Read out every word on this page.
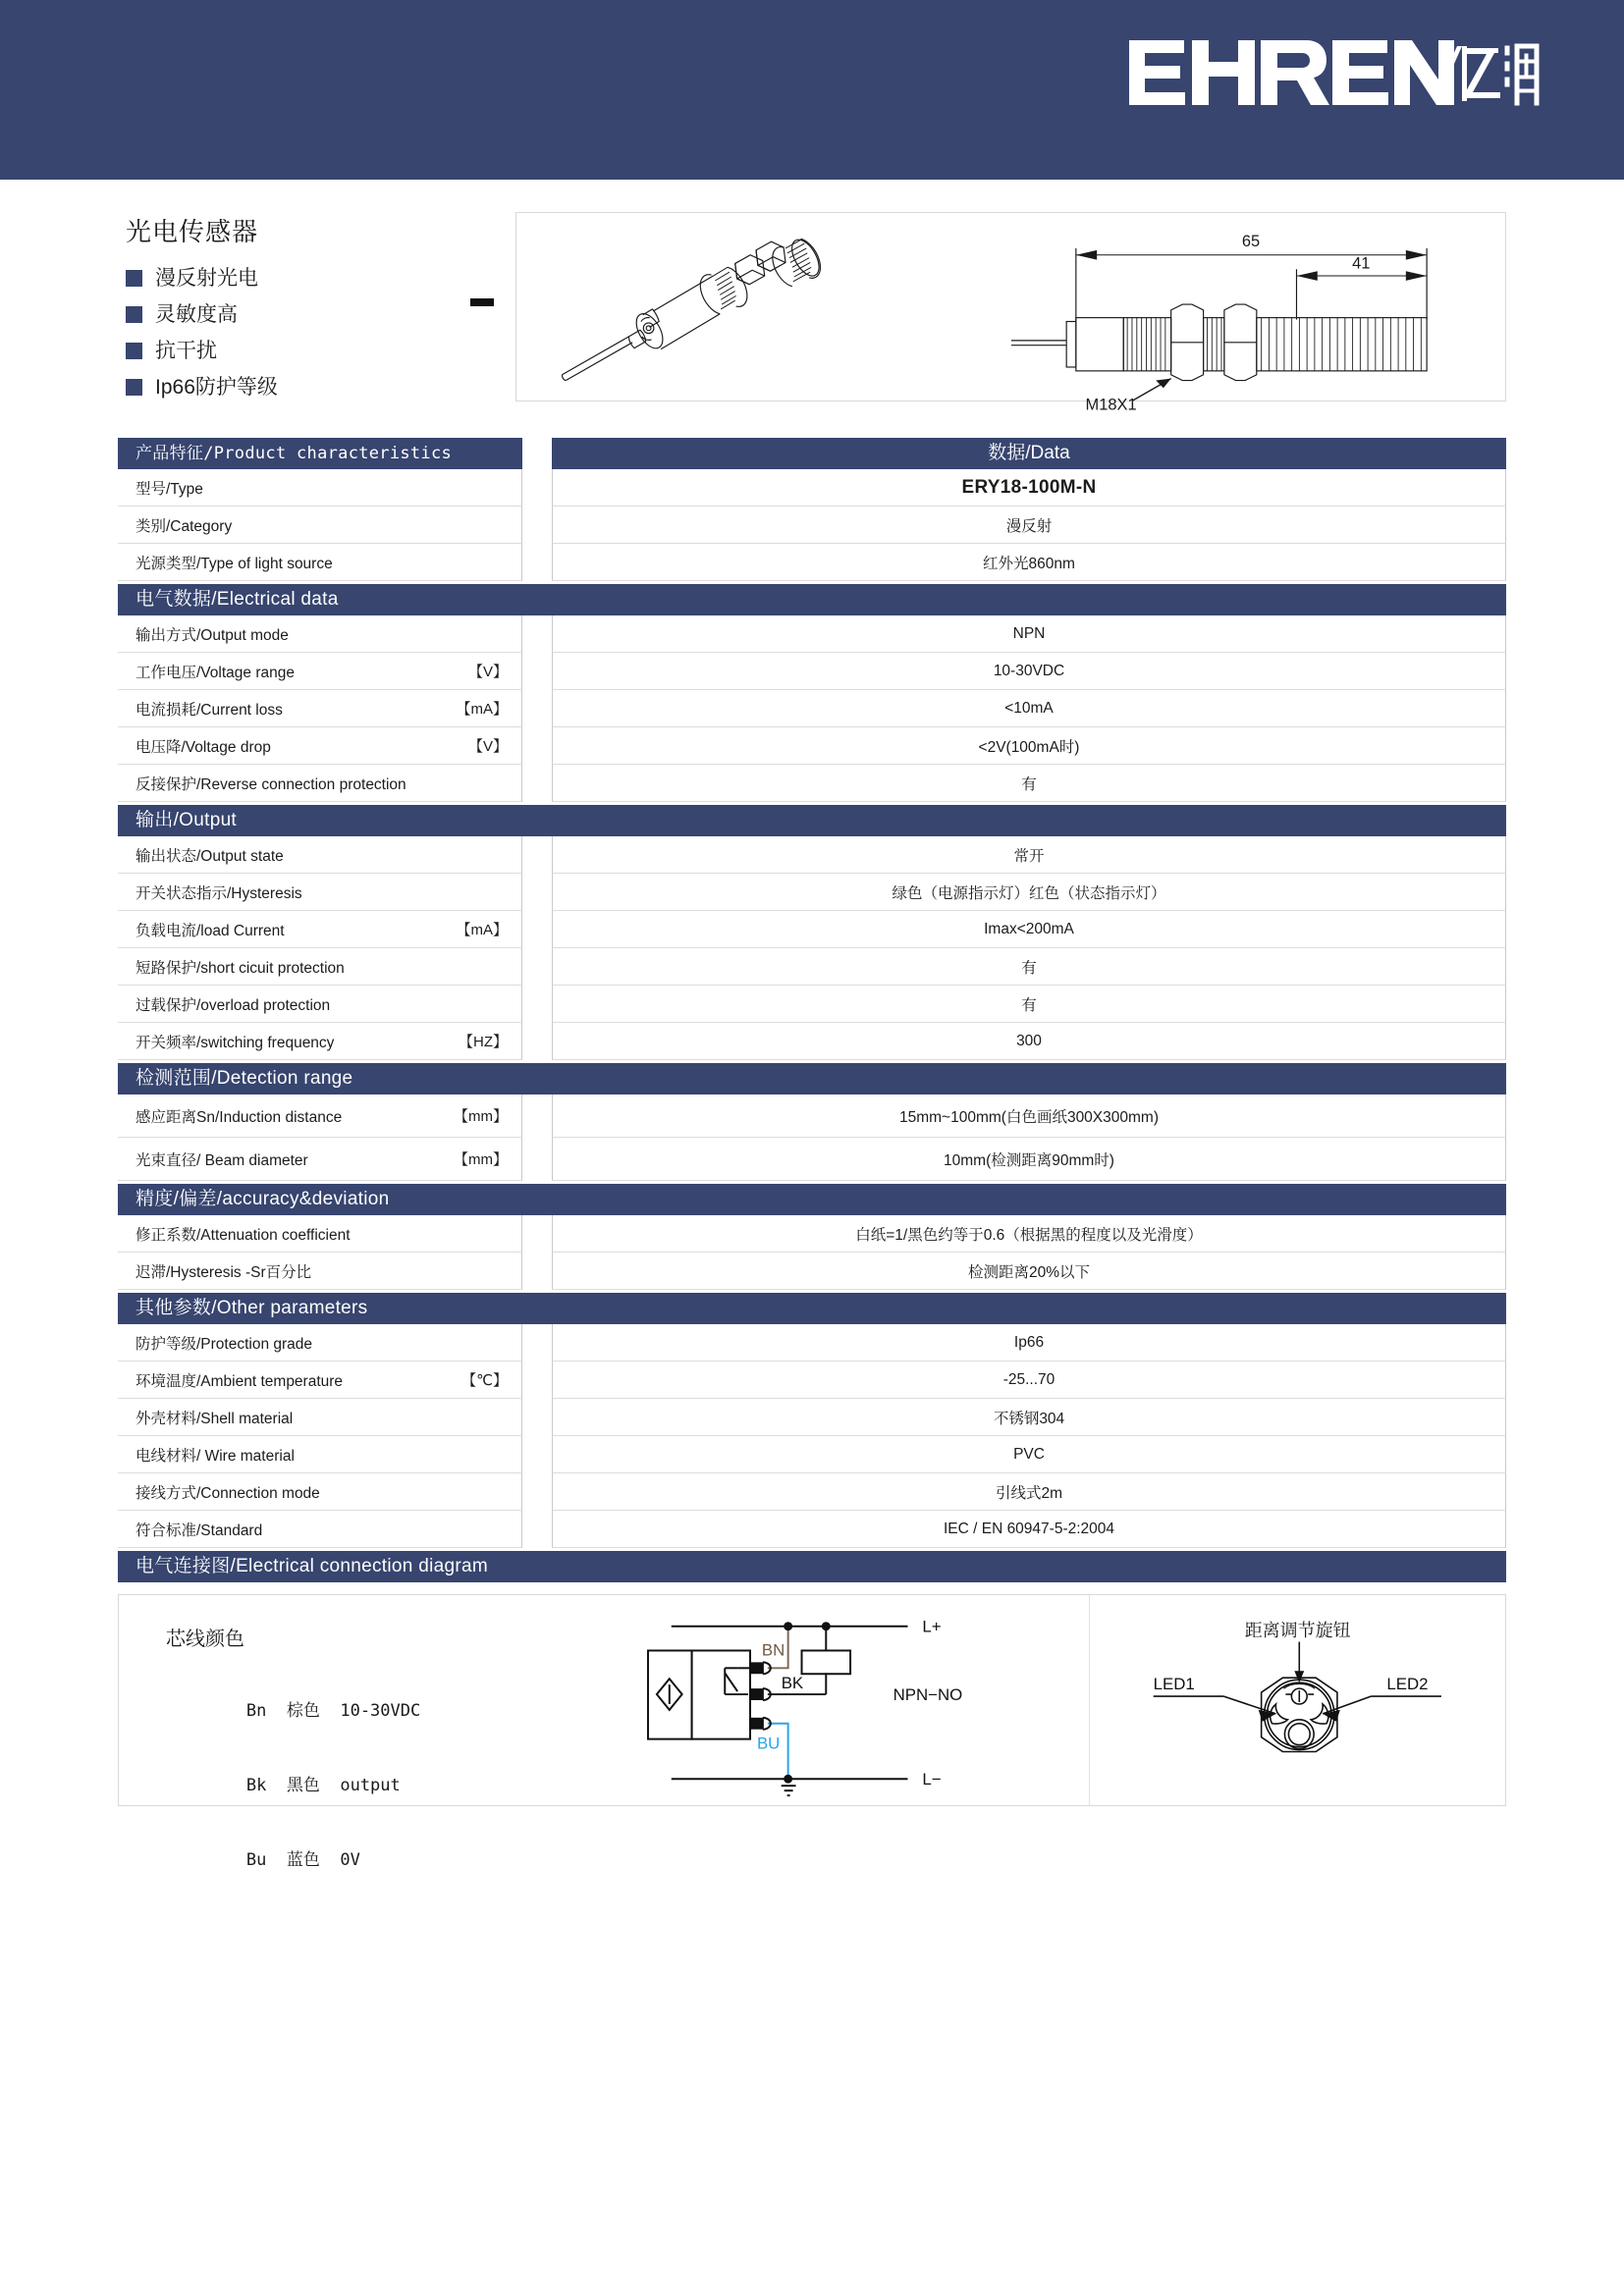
光电传感器
漫反射光电
灵敏度高
抗干扰
Ip66防护等级
65
41
M18X1
产品特征/Product characteristics	数据/Data
型号/Type	ERY18-100M-N
类别/Category	漫反射
光源类型/Type of light source	红外光860nm
电气数据/Electrical data
输出方式/Output mode	NPN
工作电压/Voltage range	【V】	10-30VDC
电流损耗/Current loss	【mA】	<10mA
电压降/Voltage drop	【V】	<2V(100mA时)
反接保护/Reverse connection protection	有
输出/Output
输出状态/Output state	常开
开关状态指示/Hysteresis	绿色（电源指示灯）红色（状态指示灯）
负载电流/load Current	【mA】	Imax<200mA
短路保护/short cicuit protection	有
过载保护/overload protection	有
开关频率/switching frequency	【HZ】	300
检测范围/Detection range
感应距离Sn/Induction distance	【mm】	15mm~100mm(白色画纸300X300mm)
光束直径/ Beam diameter	【mm】	10mm(检测距离90mm时)
精度/偏差/accuracy&deviation
修正系数/Attenuation coefficient	白纸=1/黑色约等于0.6（根据黑的程度以及光滑度）
迟滞/Hysteresis -Sr百分比	检测距离20%以下
其他参数/Other parameters
防护等级/Protection grade	Ip66
环境温度/Ambient temperature	【℃】	-25...70
外壳材料/Shell material	不锈钢304
电线材料/ Wire material	PVC
接线方式/Connection mode	引线式2m
符合标准/Standard	IEC / EN 60947-5-2:2004
电气连接图/Electrical connection diagram
芯线颜色

Bn 棕色 10-30VDC

Bk 黑色 output

Bu 蓝色 0V

BN
BK
BU
L+
L−
NPN−NO
距离调节旋钮
LED1	LED2
